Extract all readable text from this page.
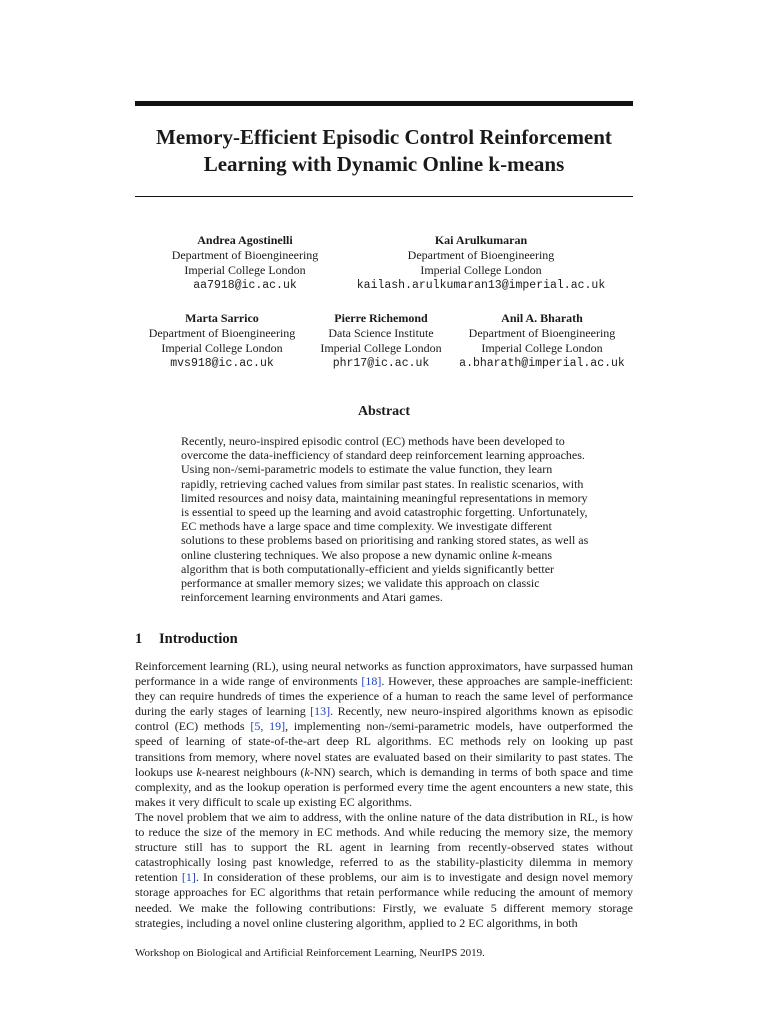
Memory-Efficient Episodic Control Reinforcement
Learning with Dynamic Online k-means
Andrea Agostinelli
Department of Bioengineering
Imperial College London
aa7918@ic.ac.uk
Kai Arulkumaran
Department of Bioengineering
Imperial College London
kailash.arulkumaran13@imperial.ac.uk
Marta Sarrico
Department of Bioengineering
Imperial College London
mvs918@ic.ac.uk
Pierre Richemond
Data Science Institute
Imperial College London
phr17@ic.ac.uk
Anil A. Bharath
Department of Bioengineering
Imperial College London
a.bharath@imperial.ac.uk
Abstract
Recently, neuro-inspired episodic control (EC) methods have been developed to overcome the data-inefficiency of standard deep reinforcement learning approaches. Using non-/semi-parametric models to estimate the value function, they learn rapidly, retrieving cached values from similar past states. In realistic scenarios, with limited resources and noisy data, maintaining meaningful representations in memory is essential to speed up the learning and avoid catastrophic forgetting. Unfortunately, EC methods have a large space and time complexity. We investigate different solutions to these problems based on prioritising and ranking stored states, as well as online clustering techniques. We also propose a new dynamic online k-means algorithm that is both computationally-efficient and yields significantly better performance at smaller memory sizes; we validate this approach on classic reinforcement learning environments and Atari games.
1 Introduction
Reinforcement learning (RL), using neural networks as function approximators, have surpassed human performance in a wide range of environments [18]. However, these approaches are sample-inefficient: they can require hundreds of times the experience of a human to reach the same level of performance during the early stages of learning [13]. Recently, new neuro-inspired algorithms known as episodic control (EC) methods [5, 19], implementing non-/semi-parametric models, have outperformed the speed of learning of state-of-the-art deep RL algorithms. EC methods rely on looking up past transitions from memory, where novel states are evaluated based on their similarity to past states. The lookups use k-nearest neighbours (k-NN) search, which is demanding in terms of both space and time complexity, and as the lookup operation is performed every time the agent encounters a new state, this makes it very difficult to scale up existing EC algorithms.
The novel problem that we aim to address, with the online nature of the data distribution in RL, is how to reduce the size of the memory in EC methods. And while reducing the memory size, the memory structure still has to support the RL agent in learning from recently-observed states without catastrophically losing past knowledge, referred to as the stability-plasticity dilemma in memory retention [1]. In consideration of these problems, our aim is to investigate and design novel memory storage approaches for EC algorithms that retain performance while reducing the amount of memory needed. We make the following contributions: Firstly, we evaluate 5 different memory storage strategies, including a novel online clustering algorithm, applied to 2 EC algorithms, in both
Workshop on Biological and Artificial Reinforcement Learning, NeurIPS 2019.
